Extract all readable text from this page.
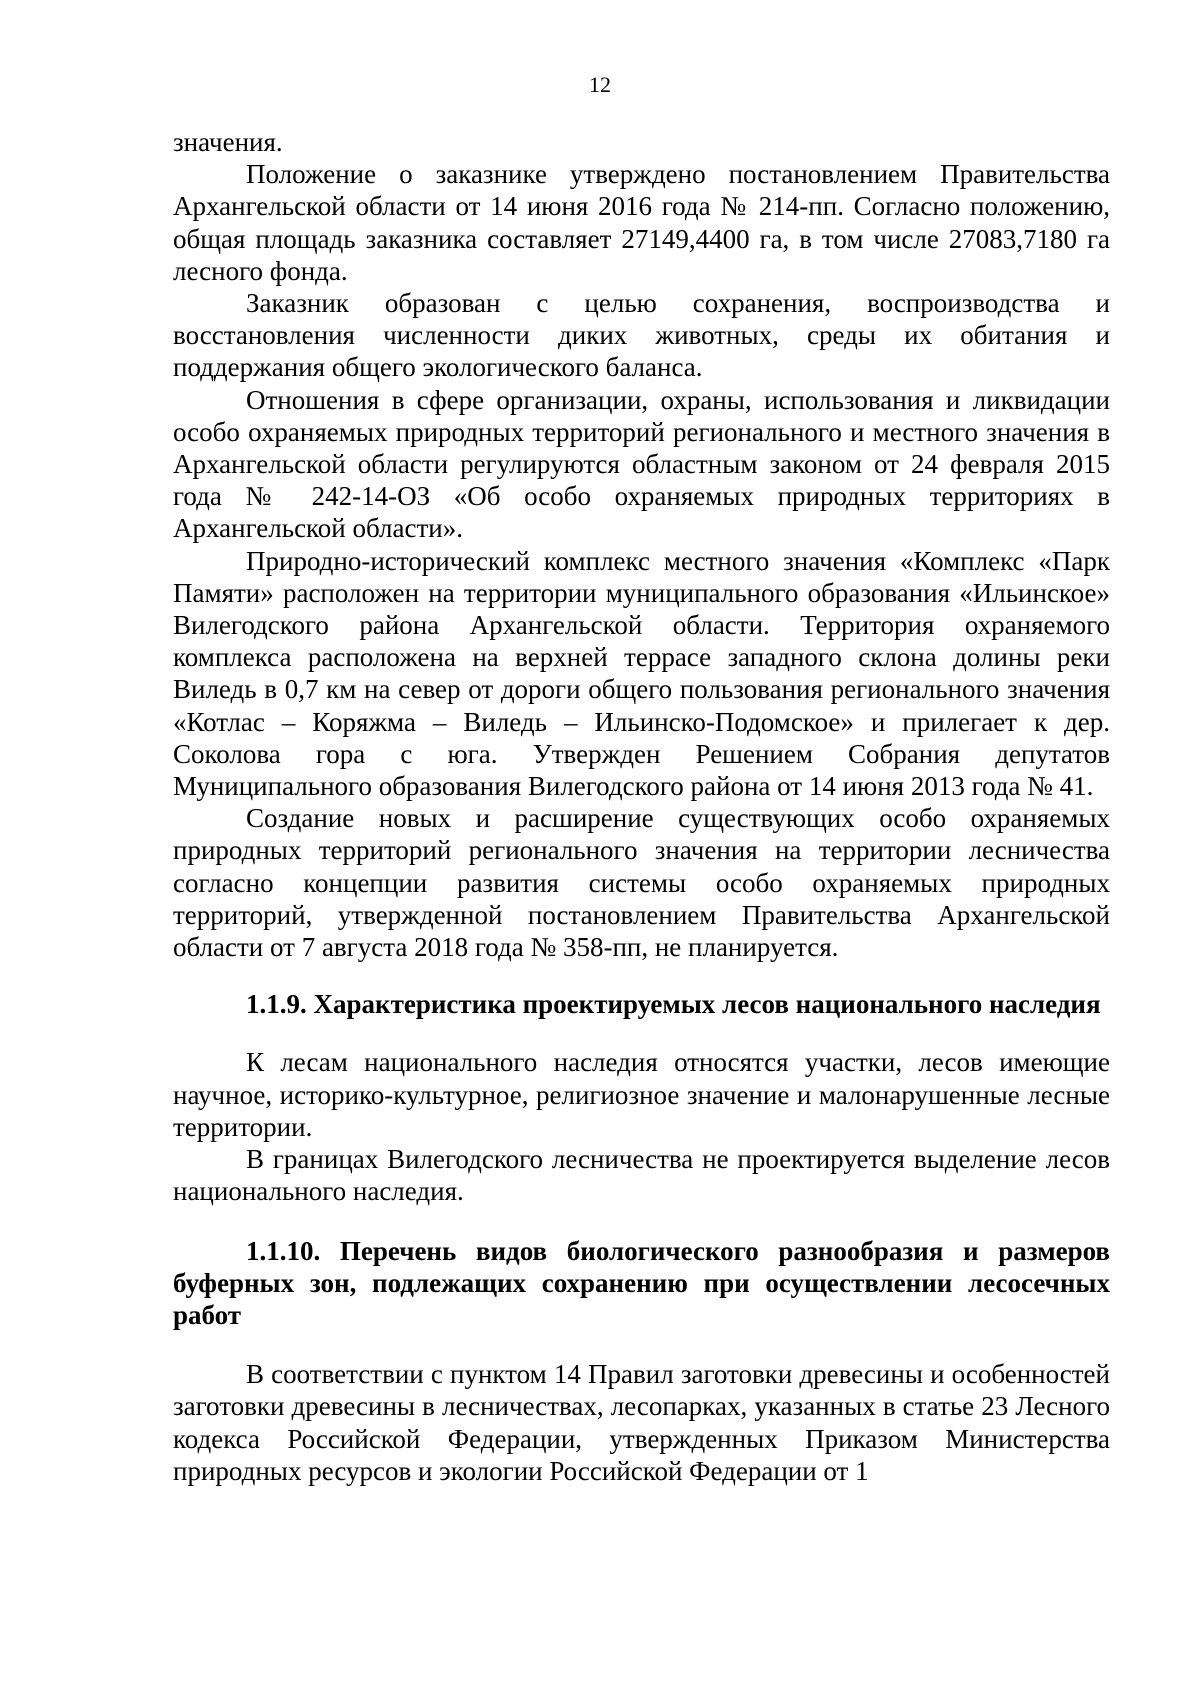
12

значения.

Положение о заказнике утверждено постановлением Правительства Архангельской области от 14 июня 2016 года № 214-пп. Согласно положению, общая площадь заказника составляет 27149,4400 га, в том числе 27083,7180 га лесного фонда.

Заказник образован с целью сохранения, воспроизводства и восстановления численности диких животных, среды их обитания и поддержания общего экологического баланса.

Отношения в сфере организации, охраны, использования и ликвидации особо охраняемых природных территорий регионального и местного значения в Архангельской области регулируются областным законом от 24 февраля 2015 года № 242-14-ОЗ «Об особо охраняемых природных территориях в Архангельской области».

Природно-исторический комплекс местного значения «Комплекс «Парк Памяти» расположен на территории муниципального образования «Ильинское» Вилегодского района Архангельской области. Территория охраняемого комплекса расположена на верхней террасе западного склона долины реки Виледь в 0,7 км на север от дороги общего пользования регионального значения «Котлас – Коряжма – Виледь – Ильинско-Подомское» и прилегает к дер. Соколова гора с юга. Утвержден Решением Собрания депутатов Муниципального образования Вилегодского района от 14 июня 2013 года № 41.

Создание новых и расширение существующих особо охраняемых природных территорий регионального значения на территории лесничества согласно концепции развития системы особо охраняемых природных территорий, утвержденной постановлением Правительства Архангельской области от 7 августа 2018 года № 358-пп, не планируется.

1.1.9. Характеристика проектируемых лесов национального наследия

К лесам национального наследия относятся участки, лесов имеющие научное, историко-культурное, религиозное значение и малонарушенные лесные территории.

В границах Вилегодского лесничества не проектируется выделение лесов национального наследия.

1.1.10. Перечень видов биологического разнообразия и размеров буферных зон, подлежащих сохранению при осуществлении лесосечных работ

В соответствии с пунктом 14 Правил заготовки древесины и особенностей заготовки древесины в лесничествах, лесопарках, указанных в статье 23 Лесного кодекса Российской Федерации, утвержденных Приказом Министерства природных ресурсов и экологии Российской Федерации от 1
